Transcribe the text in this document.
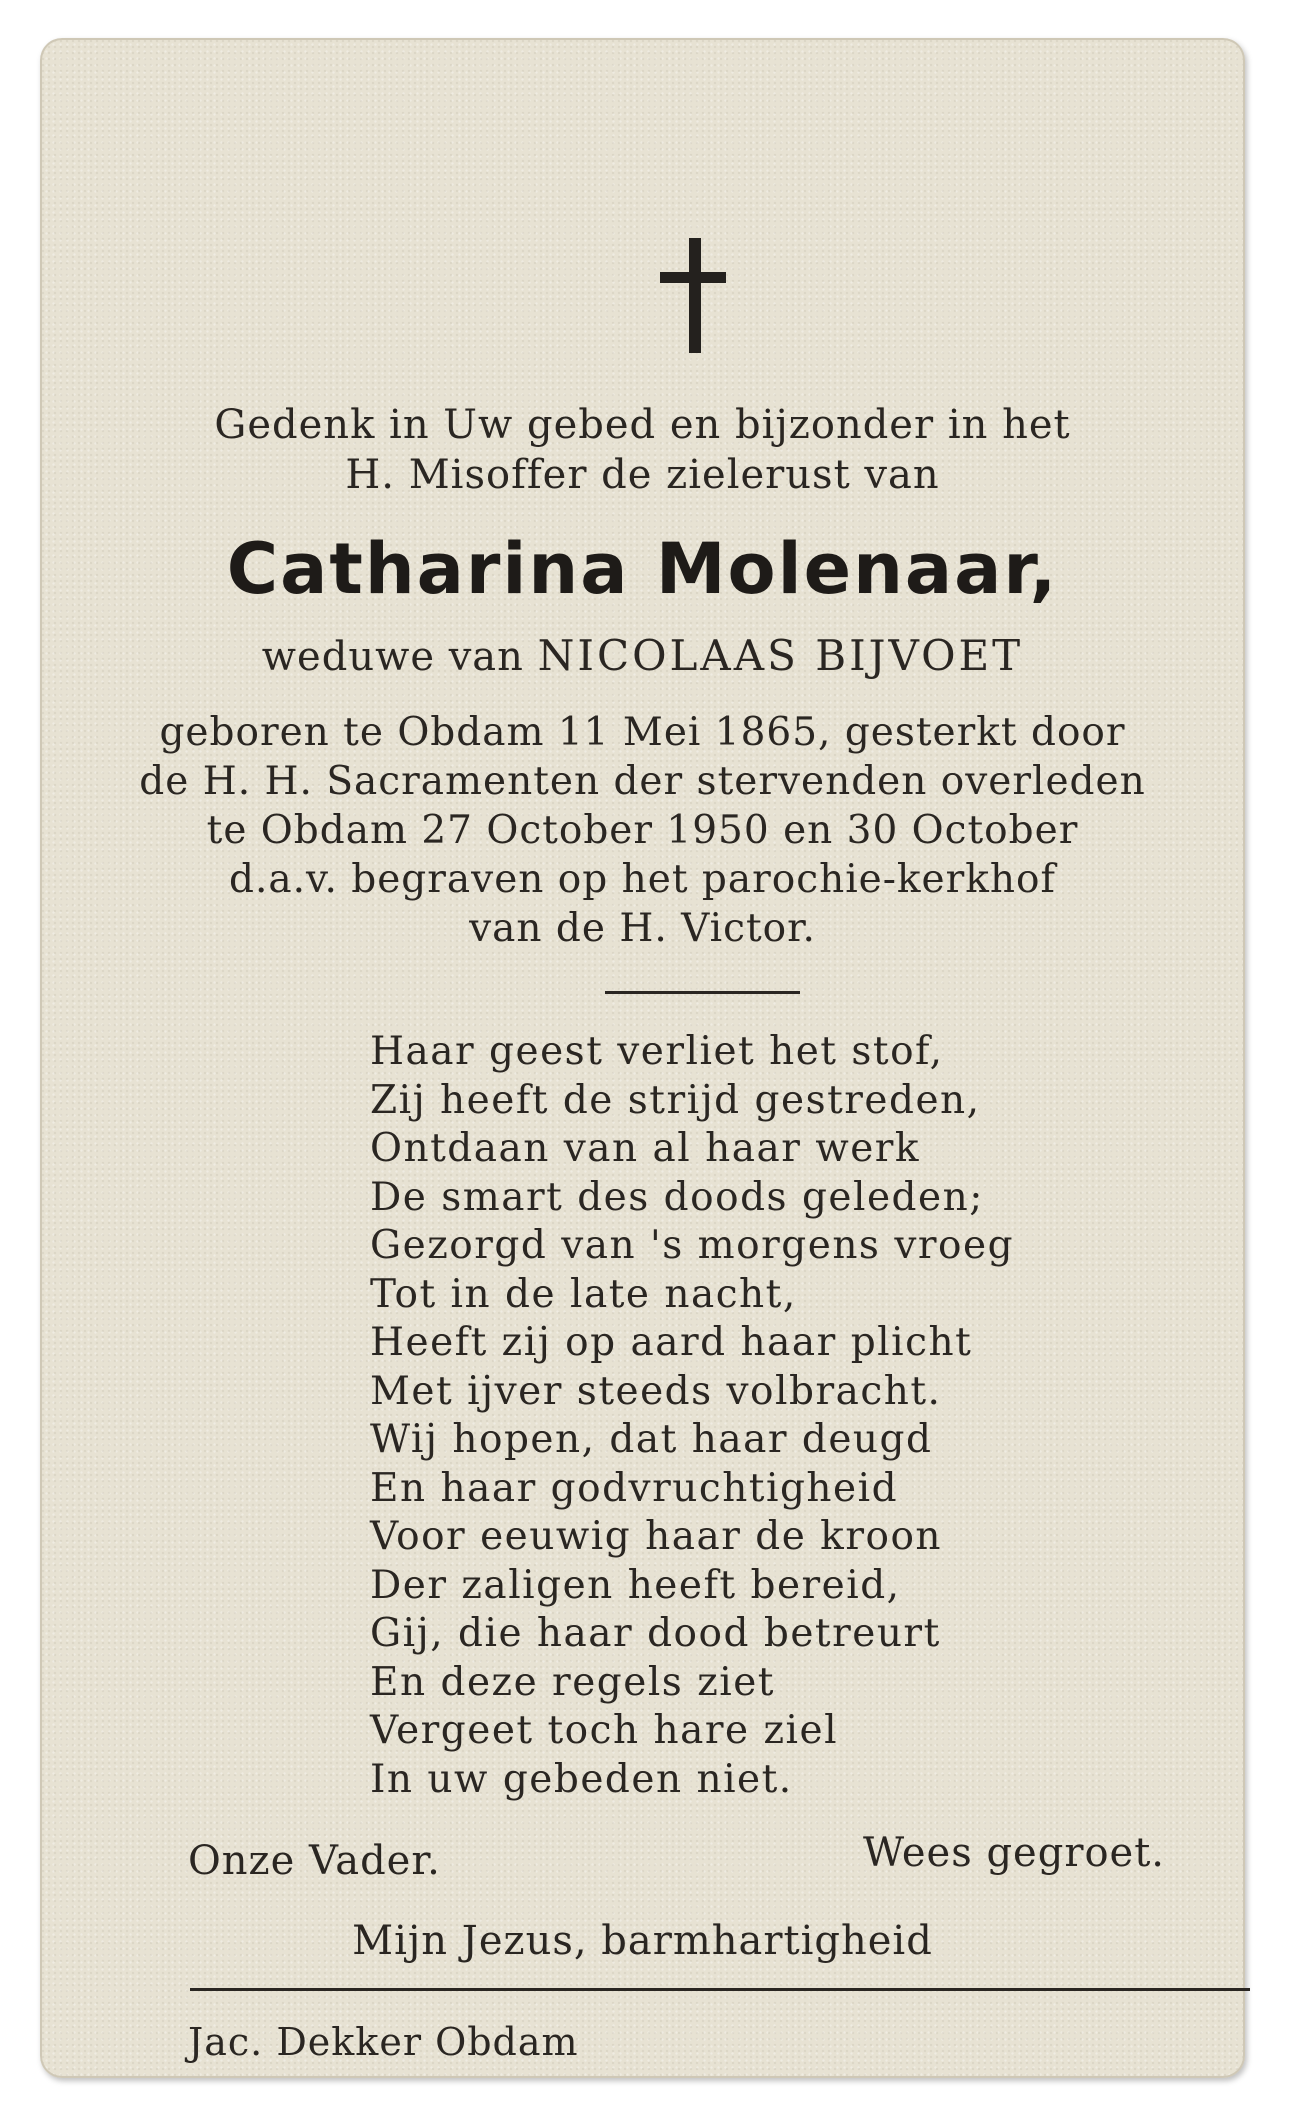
Gedenk in Uw gebed en bijzonder in het
H. Misoffer de zielerust van
Catharina Molenaar,
weduwe van NICOLAAS BIJVOET
geboren te Obdam 11 Mei 1865, gesterkt door
de H. H. Sacramenten der stervenden overleden
te Obdam 27 October 1950 en 30 October
d.a.v. begraven op het parochie-kerkhof
van de H. Victor.
Haar geest verliet het stof,
Zij heeft de strijd gestreden,
Ontdaan van al haar werk
De smart des doods geleden;
Gezorgd van 's morgens vroeg
Tot in de late nacht,
Heeft zij op aard haar plicht
Met ijver steeds volbracht.
Wij hopen, dat haar deugd
En haar godvruchtigheid
Voor eeuwig haar de kroon
Der zaligen heeft bereid,
Gij, die haar dood betreurt
En deze regels ziet
Vergeet toch hare ziel
In uw gebeden niet.
Onze Vader.	Wees gegroet.
Mijn Jezus, barmhartigheid
Jac. Dekker Obdam
